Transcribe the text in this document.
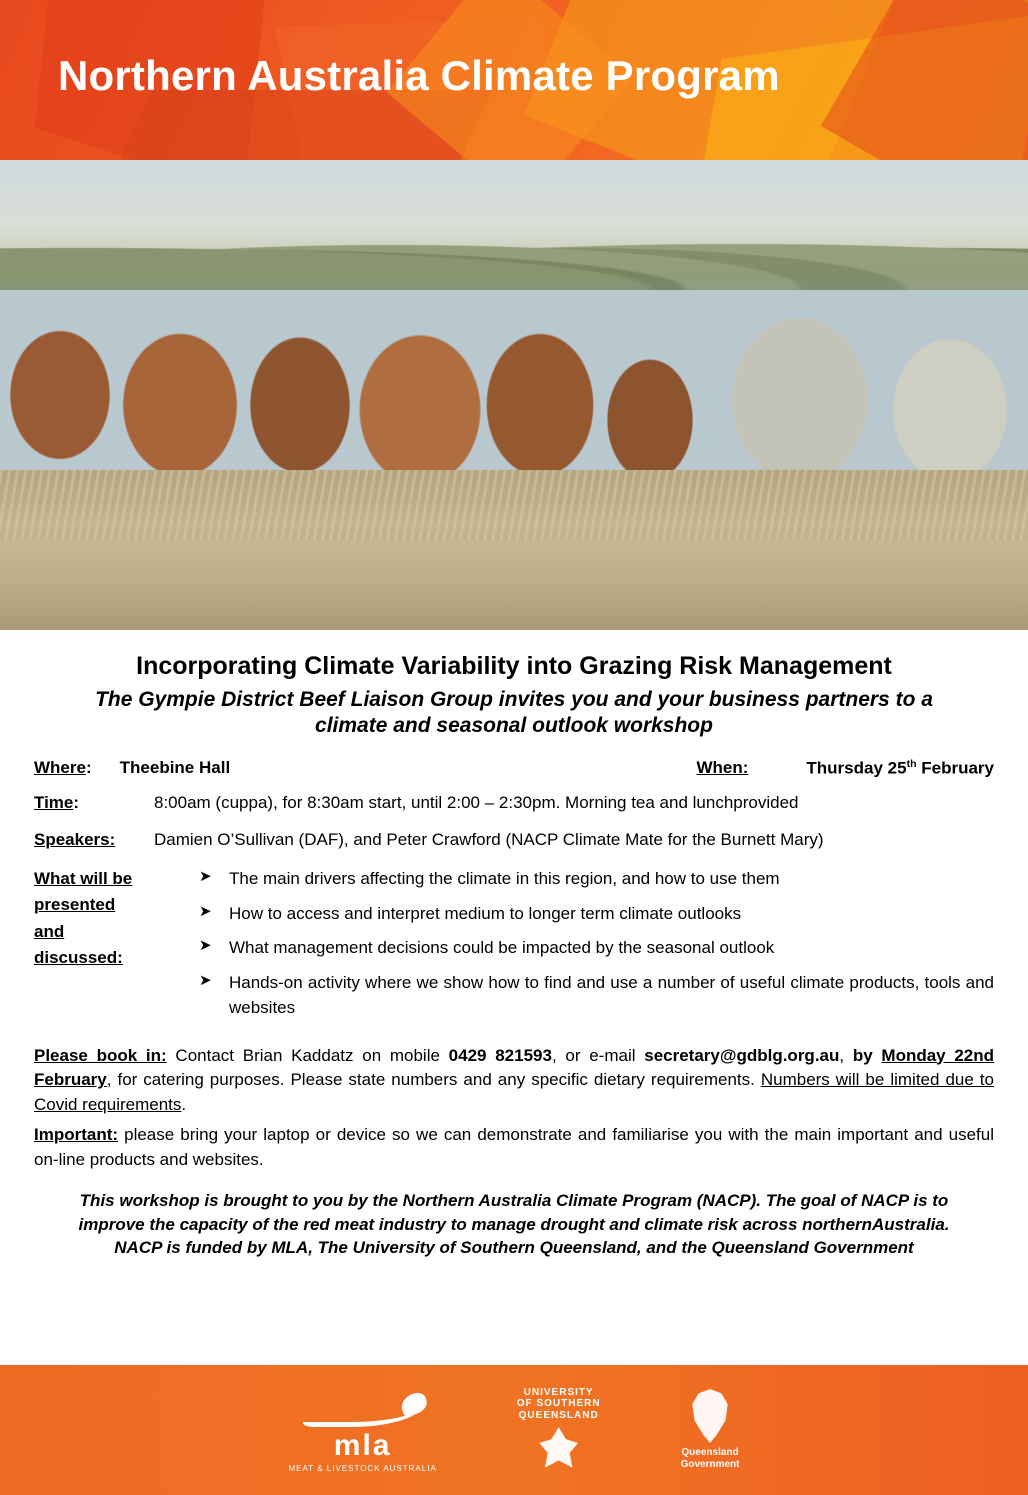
Northern Australia Climate Program
Incorporating Climate Variability into Grazing Risk Management
The Gympie District Beef Liaison Group invites you and your business partners to a climate and seasonal outlook workshop
Where : Theebine Hall	When:	Thursday 25th February
Time:	8:00am (cuppa), for 8:30am start, until 2:00 – 2:30pm. Morning tea and lunchprovided
Speakers:	Damien O’Sullivan (DAF), and Peter Crawford (NACP Climate Mate for the Burnett Mary)
What will be
presented
and
discussed:
➤	The main drivers affecting the climate in this region, and how to use them
➤	How to access and interpret medium to longer term climate outlooks
➤	What management decisions could be impacted by the seasonal outlook
➤	Hands-on activity where we show how to find and use a number of useful climate products, tools and websites
Please book in: Contact Brian Kaddatz on mobile 0429 821593, or e-mail secretary@gdblg.org.au, by Monday 22nd February, for catering purposes. Please state numbers and any specific dietary requirements. Numbers will be limited due to Covid requirements.
Important: please bring your laptop or device so we can demonstrate and familiarise you with the main important and useful on-line products and websites.
This workshop is brought to you by the Northern Australia Climate Program (NACP). The goal of NACP is to improve the capacity of the red meat industry to manage drought and climate risk across northernAustralia. NACP is funded by MLA, The University of Southern Queensland, and the Queensland Government
mla
MEAT & LIVESTOCK AUSTRALIA
UNIVERSITY
OF SOUTHERN
QUEENSLAND
Queensland
Government
